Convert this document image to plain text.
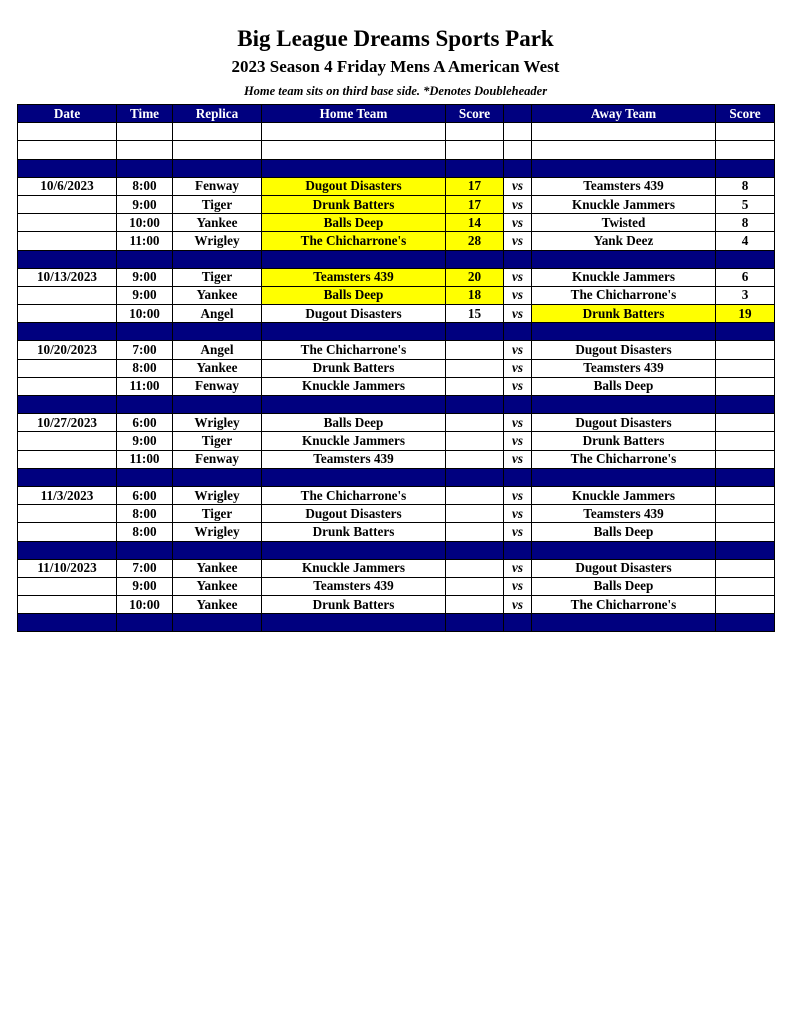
Big League Dreams Sports Park
2023 Season 4 Friday Mens A American West
Home team sits on third base side. *Denotes Doubleheader
Date	Time	Replica	Home Team	Score		Away Team	Score

10/6/2023	8:00	Fenway	Dugout Disasters	17	vs	Teamsters 439	8
	9:00	Tiger	Drunk Batters	17	vs	Knuckle Jammers	5
	10:00	Yankee	Balls Deep	14	vs	Twisted	8
	11:00	Wrigley	The Chicharrone's	28	vs	Yank Deez	4

10/13/2023	9:00	Tiger	Teamsters 439	20	vs	Knuckle Jammers	6
	9:00	Yankee	Balls Deep	18	vs	The Chicharrone's	3
	10:00	Angel	Dugout Disasters	15	vs	Drunk Batters	19

10/20/2023	7:00	Angel	The Chicharrone's		vs	Dugout Disasters	
	8:00	Yankee	Drunk Batters		vs	Teamsters 439	
	11:00	Fenway	Knuckle Jammers		vs	Balls Deep	

10/27/2023	6:00	Wrigley	Balls Deep		vs	Dugout Disasters	
	9:00	Tiger	Knuckle Jammers		vs	Drunk Batters	
	11:00	Fenway	Teamsters 439		vs	The Chicharrone's	

11/3/2023	6:00	Wrigley	The Chicharrone's		vs	Knuckle Jammers	
	8:00	Tiger	Dugout Disasters		vs	Teamsters 439	
	8:00	Wrigley	Drunk Batters		vs	Balls Deep	

11/10/2023	7:00	Yankee	Knuckle Jammers		vs	Dugout Disasters	
	9:00	Yankee	Teamsters 439		vs	Balls Deep	
	10:00	Yankee	Drunk Batters		vs	The Chicharrone's	
